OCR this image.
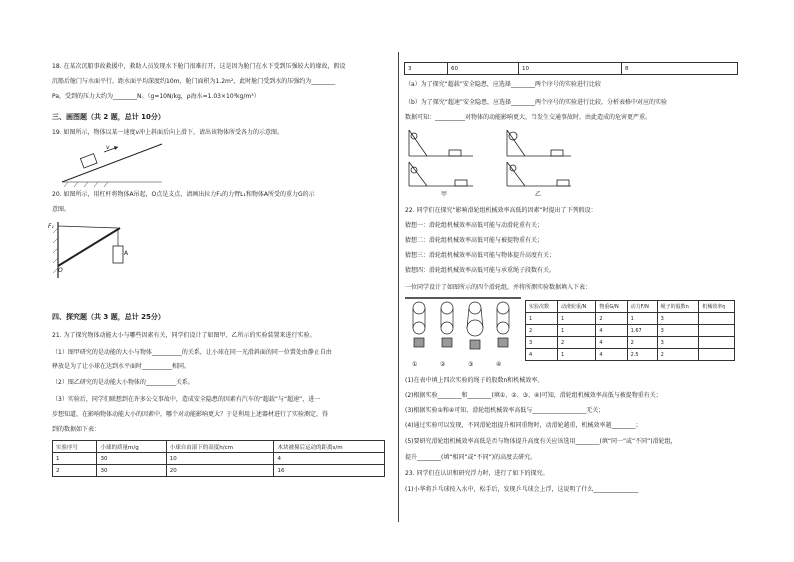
18. 在某次沉船事故救援中，救助人员发现水下舱门很难打开，这是因为舱门在水下受到压强较大的缘故，假设
沉船后舱门与水面平行，距水面平均深度约10m，舱门面积为1.2m²，此时舱门受到水的压强约为________
Pa，受到的压力大约为________N。（g=10N/kg，ρ海水=1.03×10³kg/m³）
三、画图题（共 2 题，总计 10分）
19. 如图所示，物体以某一速度v冲上斜面后向上滑下，请出该物体所受各力的示意图。
v
20. 如图所示，用杠杆将物体A吊起，O点是支点，请画出拉力F₁的力臂L₁和物体A所受的重力G的示
意图。
F₁
A
O
四、探究题（共 3 题，总计 25分）
21. 为了探究物体动能大小与哪些因素有关，同学们设计了如图甲、乙所示的实验装置来进行实验。
（1）图甲研究的是动能的大小与物体__________的关系，让小球在同一光滑斜面的同一位置处由静止自由
释放是为了让小球在达到水平面时__________相同。
（2）图乙研究的是动能大小物体的__________关系。
（3）实验后，同学们联想到在许多公交事故中，造成安全隐患的因素有汽车的“超载”与“超速”，进一
步想知道，在影响物体动能大小的因素中，哪个对动能影响更大？于是利用上述器材进行了实验测定，得
到的数据如下表：
实验序号	小球的质量m/g	小球自由滚下的高度h/cm	木块被撞后运动的距离s/m
1	30	10	4
2	30	20	16
3	60	10	8
（a）为了探究“超载”安全隐患，应选择________两个序号的实验进行比较
（b）为了探究“超速”安全隐患，应选择________两个序号的实验进行比较，分析表格中对应的实验
数据可知：__________对物体的动能影响更大，当发生交通事故时，由此造成的危害更严重。
甲	乙
22. 同学们在探究“影响滑轮组机械效率高低的因素”时提出了下列假设：
猜想一：滑轮组机械效率高低可能与动滑轮重有关；
猜想二：滑轮组机械效率高低可能与被提物重有关；
猜想三：滑轮组机械效率高低可能与物体提升高度有关；
猜想四：滑轮组机械效率高低可能与承重绳子段数有关。
一位同学设计了如图所示的四个滑轮组，并将所测实验数据填入下表：
①	②	③	④
实验次数	动滑轮重/N	物重G/N	动力F/N	绳子的股数n	机械效率η
1	1	2	1	3	
2	1	4	1.67	3	
3	2	4	2	3	
4	1	4	2.5	2	
(1)在表中填上四次实验的绳子的股数n和机械效率。
(2)根据实验________和________(填①、②、③、④)可知，滑轮组机械效率高低与被提物重有关；
(3)根据实验②和④可知，滑轮组机械效率高低与__________________无关；
(4)通过实验可以发现，不同滑轮组提升相同重物时，动滑轮越重，机械效率越________；
(5)要研究滑轮组机械效率高低是否与物体提升高度有关应该选用________(填“同一”或“不同”)滑轮组，
提升________(填“相同”或“不同”)的高度去研究。
23. 同学们在认识和研究浮力时，进行了如下的探究。
(1)小华将乒乓球按入水中，松手后，发现乒乓球会上浮，这说明了什么_______________
